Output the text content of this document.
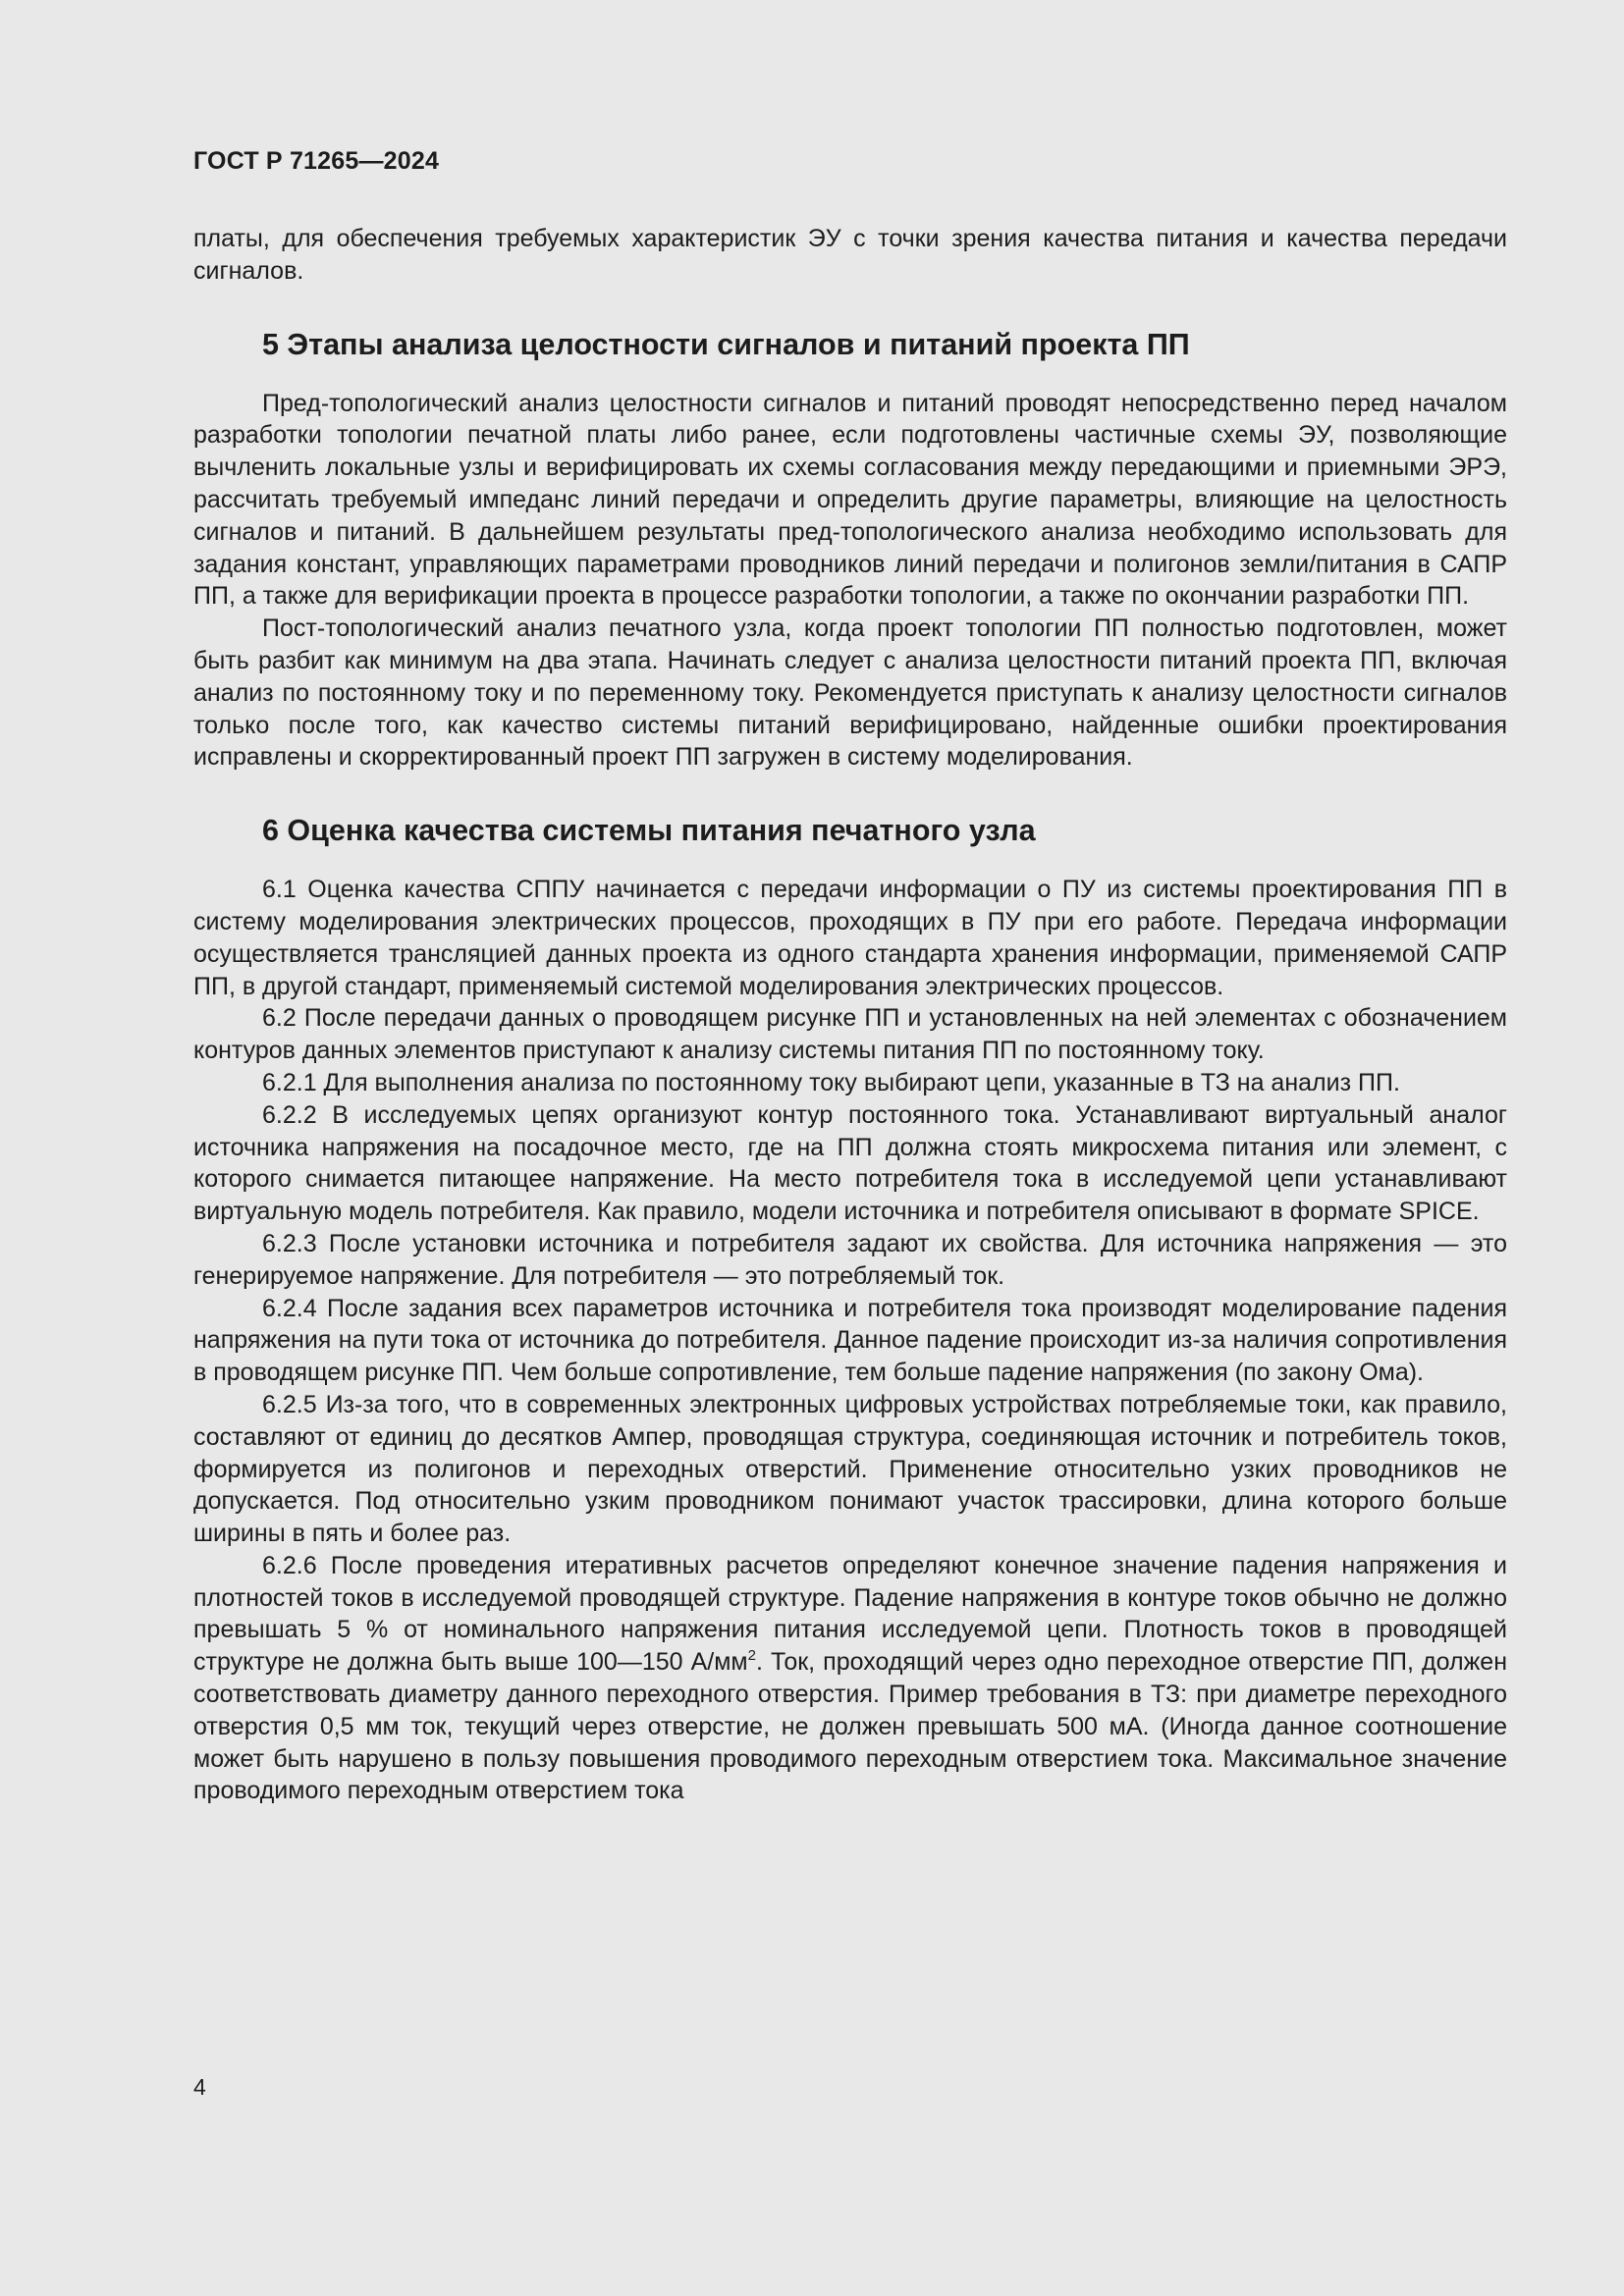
ГОСТ Р 71265—2024

платы, для обеспечения требуемых характеристик ЭУ с точки зрения качества питания и качества передачи сигналов.

5 Этапы анализа целостности сигналов и питаний проекта ПП

Пред-топологический анализ целостности сигналов и питаний проводят непосредственно перед началом разработки топологии печатной платы либо ранее, если подготовлены частичные схемы ЭУ, позволяющие вычленить локальные узлы и верифицировать их схемы согласования между передающими и приемными ЭРЭ, рассчитать требуемый импеданс линий передачи и определить другие параметры, влияющие на целостность сигналов и питаний. В дальнейшем результаты пред-топологического анализа необходимо использовать для задания констант, управляющих параметрами проводников линий передачи и полигонов земли/питания в САПР ПП, а также для верификации проекта в процессе разработки топологии, а также по окончании разработки ПП.

Пост-топологический анализ печатного узла, когда проект топологии ПП полностью подготовлен, может быть разбит как минимум на два этапа. Начинать следует с анализа целостности питаний проекта ПП, включая анализ по постоянному току и по переменному току. Рекомендуется приступать к анализу целостности сигналов только после того, как качество системы питаний верифицировано, найденные ошибки проектирования исправлены и скорректированный проект ПП загружен в систему моделирования.

6 Оценка качества системы питания печатного узла

6.1 Оценка качества СППУ начинается с передачи информации о ПУ из системы проектирования ПП в систему моделирования электрических процессов, проходящих в ПУ при его работе. Передача информации осуществляется трансляцией данных проекта из одного стандарта хранения информации, применяемой САПР ПП, в другой стандарт, применяемый системой моделирования электрических процессов.

6.2 После передачи данных о проводящем рисунке ПП и установленных на ней элементах с обозначением контуров данных элементов приступают к анализу системы питания ПП по постоянному току.

6.2.1 Для выполнения анализа по постоянному току выбирают цепи, указанные в ТЗ на анализ ПП.

6.2.2 В исследуемых цепях организуют контур постоянного тока. Устанавливают виртуальный аналог источника напряжения на посадочное место, где на ПП должна стоять микросхема питания или элемент, с которого снимается питающее напряжение. На место потребителя тока в исследуемой цепи устанавливают виртуальную модель потребителя. Как правило, модели источника и потребителя описывают в формате SPICE.

6.2.3 После установки источника и потребителя задают их свойства. Для источника напряжения — это генерируемое напряжение. Для потребителя — это потребляемый ток.

6.2.4 После задания всех параметров источника и потребителя тока производят моделирование падения напряжения на пути тока от источника до потребителя. Данное падение происходит из-за наличия сопротивления в проводящем рисунке ПП. Чем больше сопротивление, тем больше падение напряжения (по закону Ома).

6.2.5 Из-за того, что в современных электронных цифровых устройствах потребляемые токи, как правило, составляют от единиц до десятков Ампер, проводящая структура, соединяющая источник и потребитель токов, формируется из полигонов и переходных отверстий. Применение относительно узких проводников не допускается. Под относительно узким проводником понимают участок трассировки, длина которого больше ширины в пять и более раз.

6.2.6 После проведения итеративных расчетов определяют конечное значение падения напряжения и плотностей токов в исследуемой проводящей структуре. Падение напряжения в контуре токов обычно не должно превышать 5 % от номинального напряжения питания исследуемой цепи. Плотность токов в проводящей структуре не должна быть выше 100—150 $А/мм^2$. Ток, проходящий через одно переходное отверстие ПП, должен соответствовать диаметру данного переходного отверстия. Пример требования в ТЗ: при диаметре переходного отверстия 0,5 мм ток, текущий через отверстие, не должен превышать 500 мА. (Иногда данное соотношение может быть нарушено в пользу повышения проводимого переходным отверстием тока. Максимальное значение проводимого переходным отверстием тока

4
